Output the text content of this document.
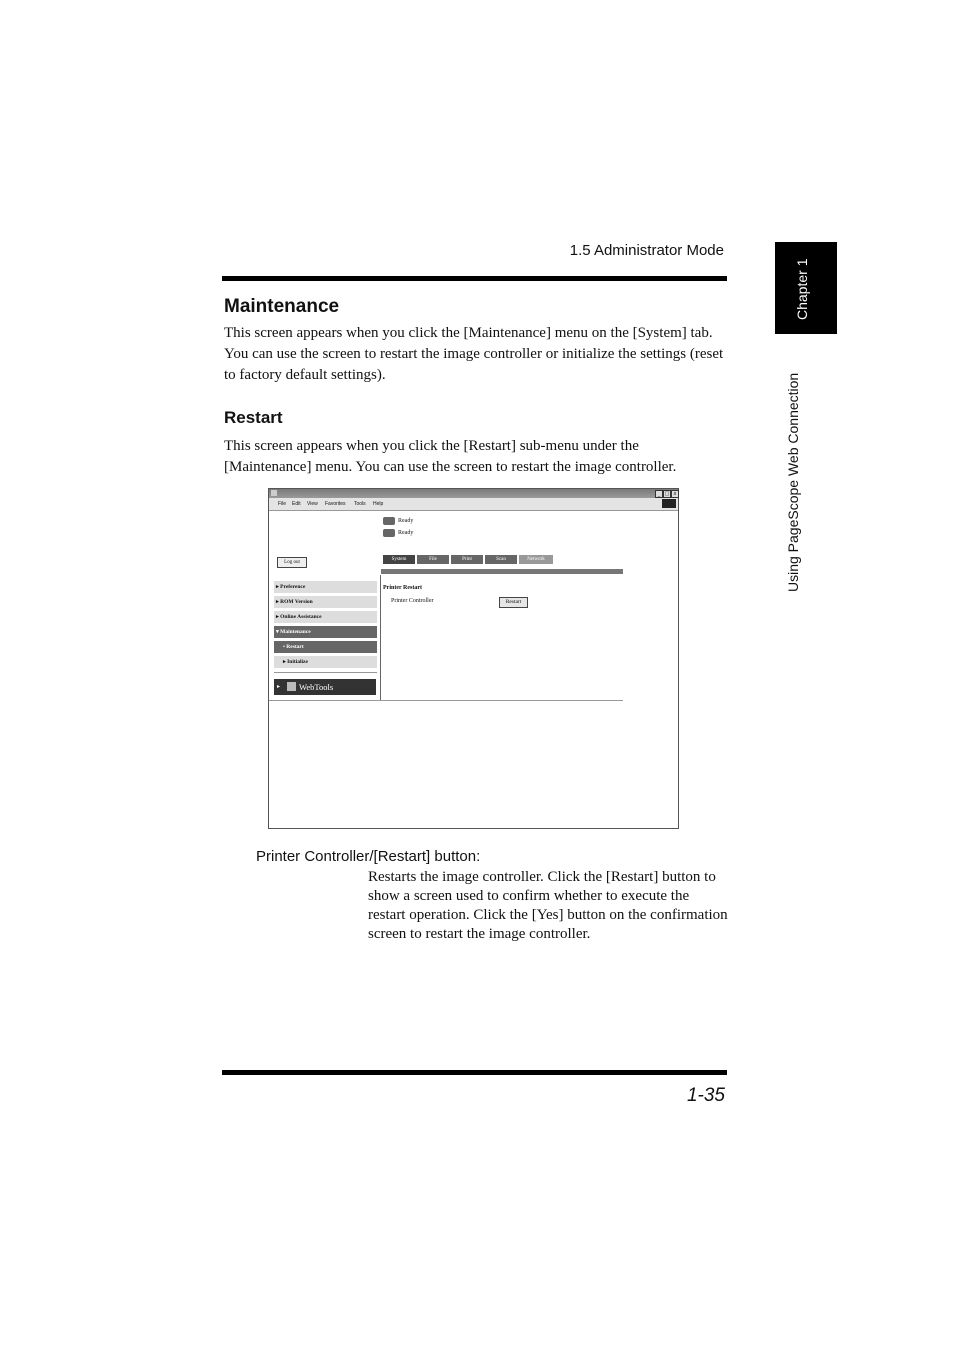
1.5 Administrator Mode
Chapter 1
Using PageScope Web Connection
Maintenance
This screen appears when you click the [Maintenance] menu on the [System] tab. You can use the screen to restart the image controller or initialize the settings (reset to factory default settings).
Restart
This screen appears when you click the [Restart] sub-menu under the [Maintenance] menu. You can use the screen to restart the image controller.
_ □ x
File Edit View Favorites Tools Help
Ready
Ready
Log out
System	File	Print	Scan	Network
▸ Preference
▸ ROM Version
▸ Online Assistance
▾ Maintenance
• Restart
▸ Initialize
▸ WebTools
Printer Restart
Printer Controller	Restart
Printer Controller/[Restart] button:
Restarts the image controller. Click the [Restart] button to show a screen used to confirm whether to execute the restart operation. Click the [Yes] button on the confirmation screen to restart the image controller.
1-35
